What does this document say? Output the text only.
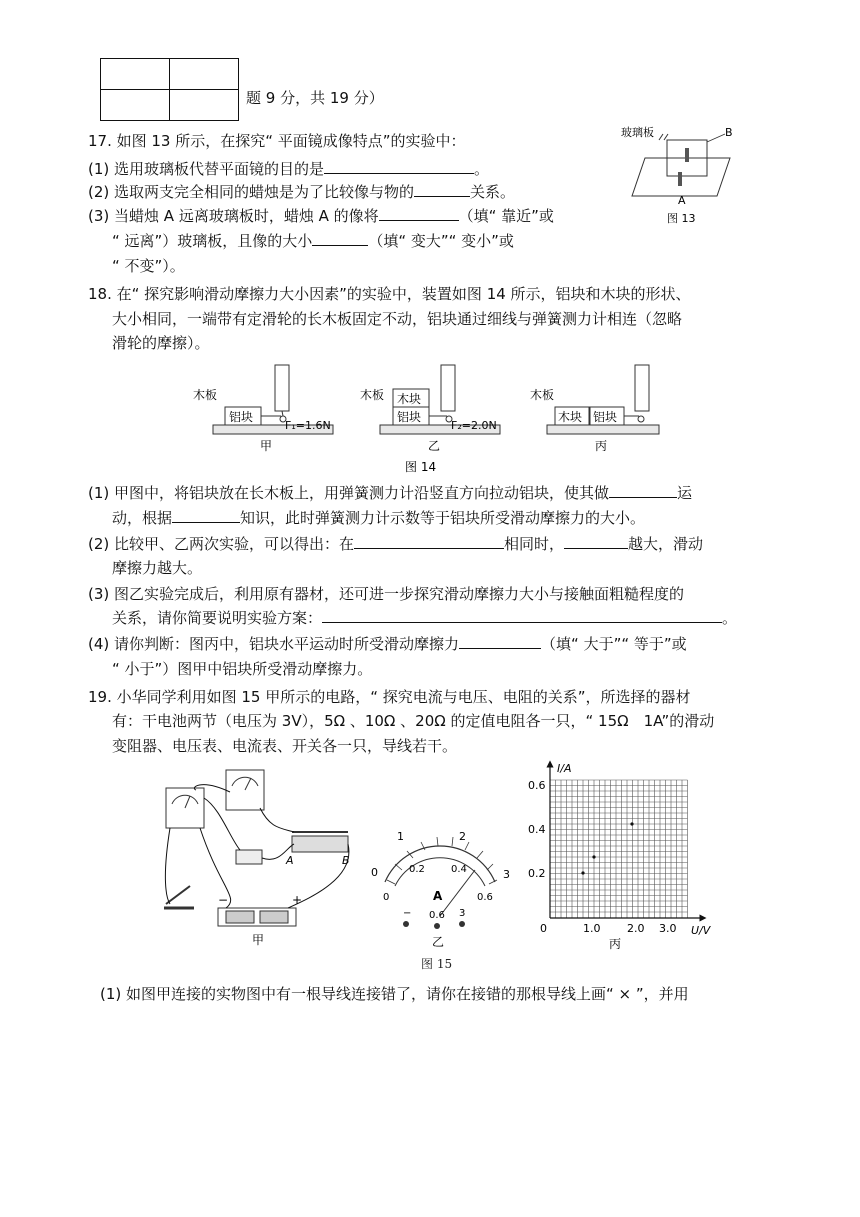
题 9 分，共 19 分）
17. 如图 13 所示，在探究“ 平面镜成像特点”的实验中：
(1) 选用玻璃板代替平面镜的目的是	。
(2) 选取两支完全相同的蜡烛是为了比较像与物的	关系。
(3) 当蜡烛 A 远离玻璃板时，蜡烛 A 的像将	（填“ 靠近”或
“ 远离”）玻璃板，且像的大小	（填“ 变大”“ 变小”或
“ 不变”）。
玻璃板	B
A
图 13
18. 在“ 探究影响滑动摩擦力大小因素”的实验中，装置如图 14 所示，铝块和木块的形状、
大小相同，一端带有定滑轮的长木板固定不动，铝块通过细线与弹簧测力计相连（忽略
滑轮的摩擦）。
木板
铝块
F₁=1.6N
甲
木板 木块
铝块
F₂=2.0N
乙
木板
木块 铝块
丙
图 14
(1) 甲图中，将铝块放在长木板上，用弹簧测力计沿竖直方向拉动铝块，使其做	运
动，根据	知识，此时弹簧测力计示数等于铝块所受滑动摩擦力的大小。
(2) 比较甲、乙两次实验，可以得出：在	相同时，	越大，滑动
摩擦力越大。
(3) 图乙实验完成后，利用原有器材，还可进一步探究滑动摩擦力大小与接触面粗糙程度的
关系，请你简要说明实验方案：	。
(4) 请你判断：图丙中，铝块水平运动时所受滑动摩擦力	（填“ 大于”“ 等于”或
“ 小于”）图甲中铝块所受滑动摩擦力。
19. 小华同学利用如图 15 甲所示的电路，“ 探究电流与电压、电阻的关系”，所选择的器材
有：干电池两节（电压为 3V），5Ω 、10Ω 、20Ω 的定值电阻各一只，“ 15Ω　1A”的滑动
变阻器、电压表、电流表、开关各一只，导线若干。
A	B
−	+
甲
0
1	2
3
0
0.2	0.4
0.6
A
− 0.6 3
乙
I/A
U/V
0.2
0.4
0.6
0	1.0 2.0 3.0
丙
图 15
(1) 如图甲连接的实物图中有一根导线连接错了，请你在接错的那根导线上画“ × ”，并用
